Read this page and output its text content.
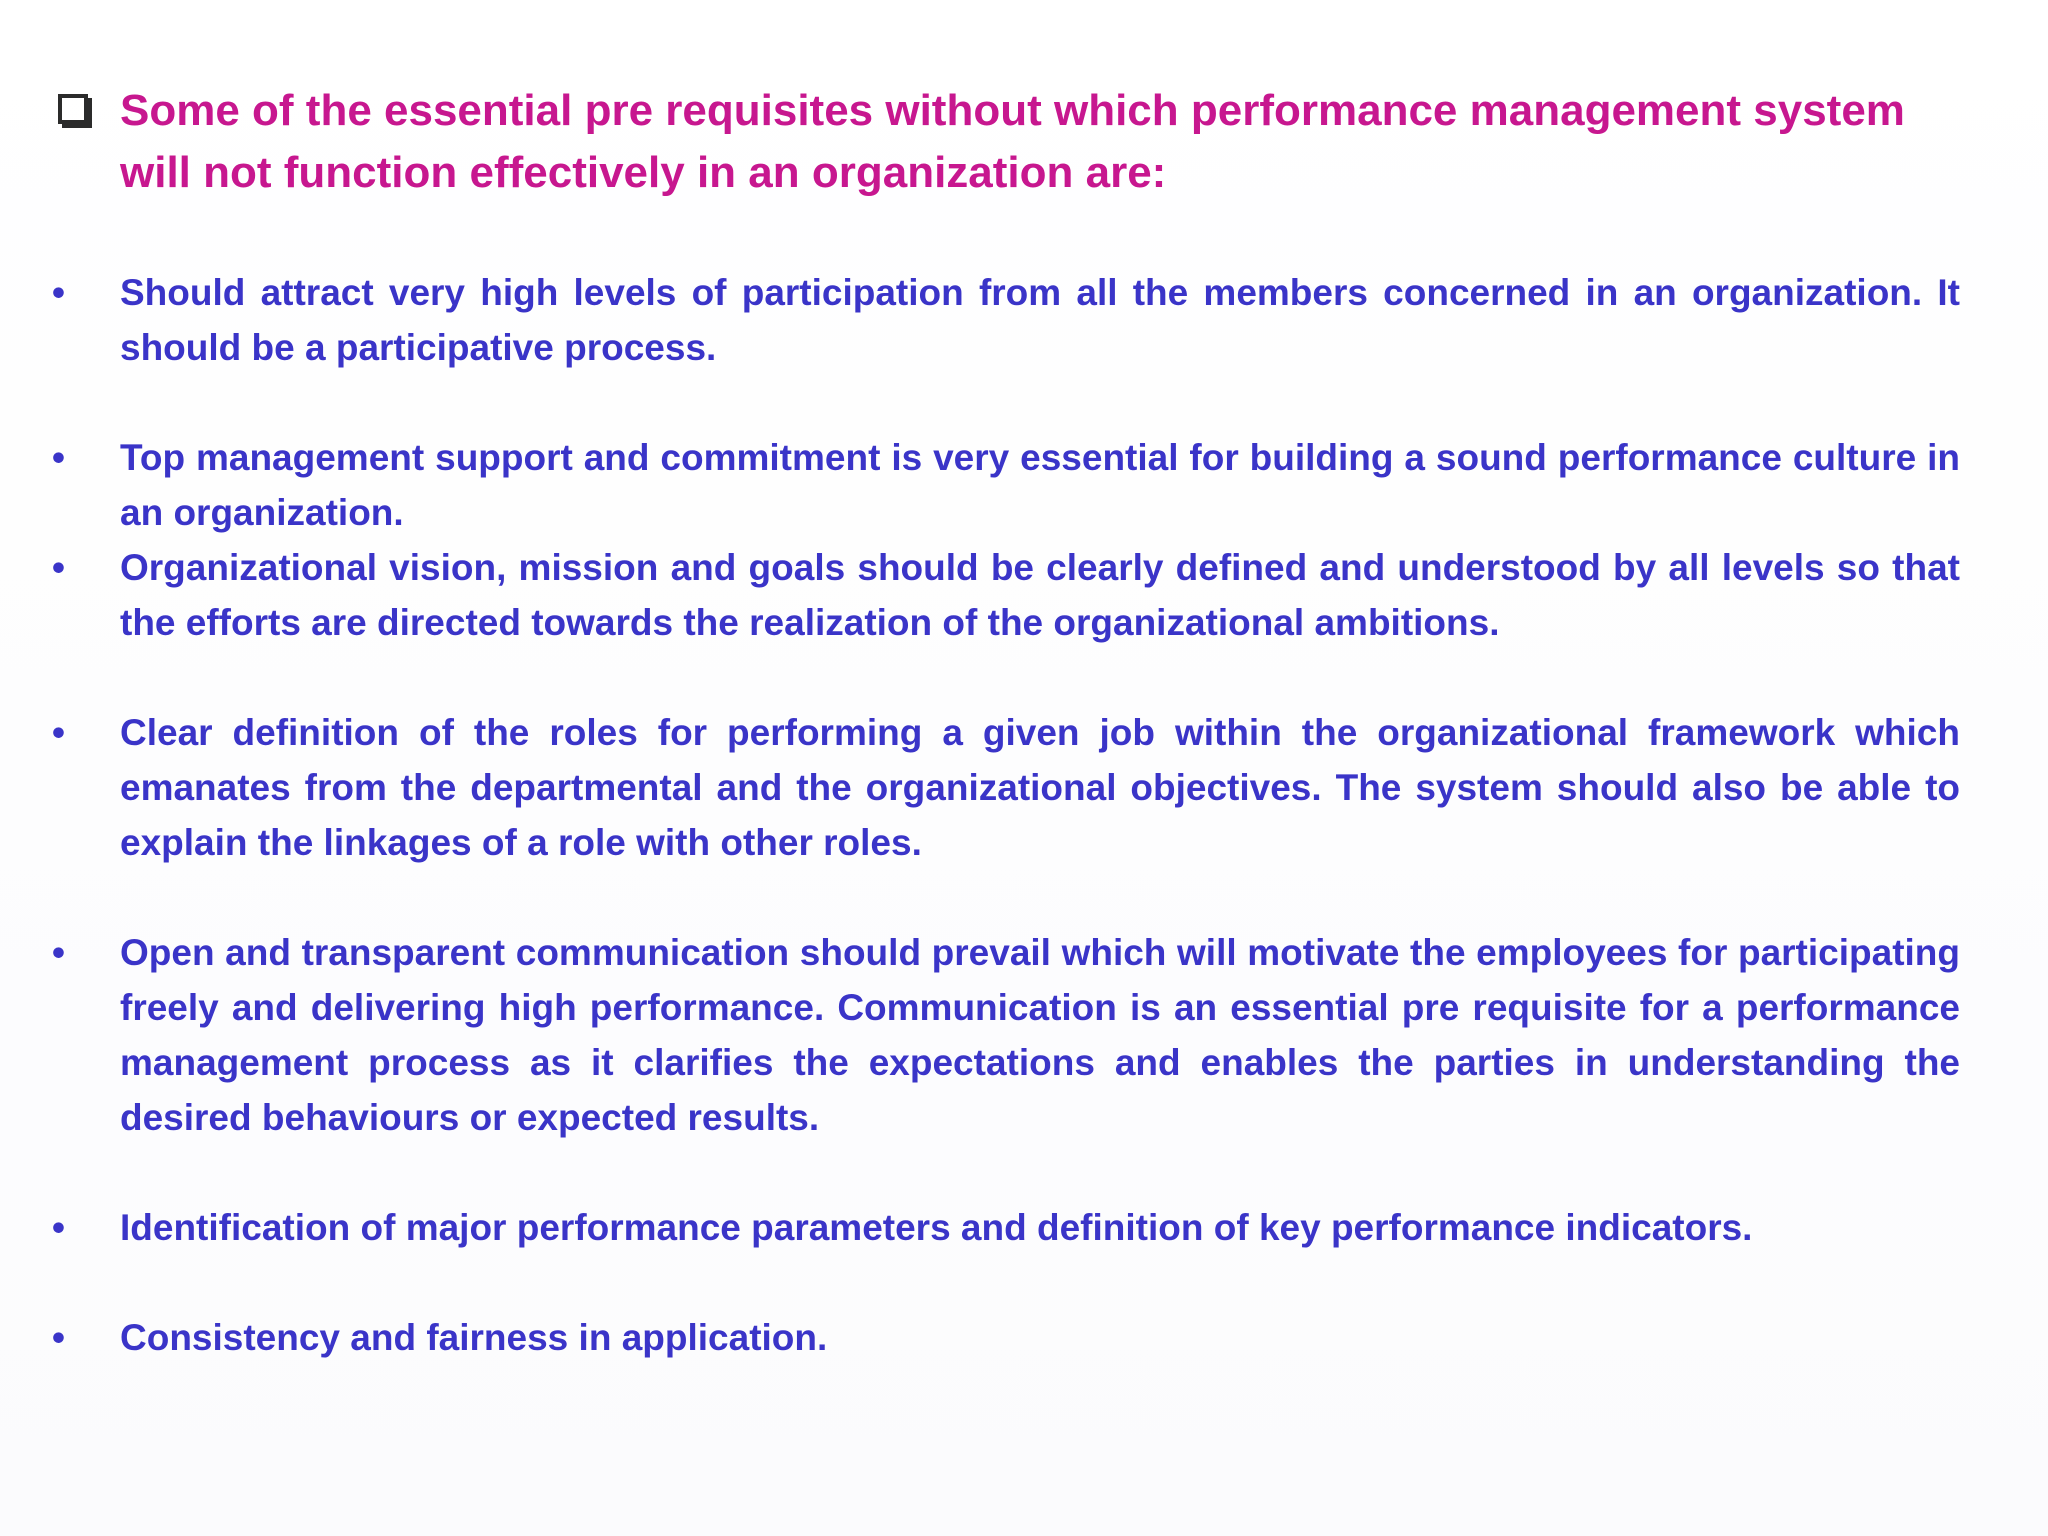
Some of the essential pre requisites without which performance management system will not function effectively in an organization are:

• Should attract very high levels of participation from all the members concerned in an organization. It should be a participative process.
• Top management support and commitment is very essential for building a sound performance culture in an organization.
• Organizational vision, mission and goals should be clearly defined and understood by all levels so that the efforts are directed towards the realization of the organizational ambitions.
• Clear definition of the roles for performing a given job within the organizational framework which emanates from the departmental and the organizational objectives. The system should also be able to explain the linkages of a role with other roles.
• Open and transparent communication should prevail which will motivate the employees for participating freely and delivering high performance. Communication is an essential pre requisite for a performance management process as it clarifies the expectations and enables the parties in understanding the desired behaviours or expected results.
• Identification of major performance parameters and definition of key performance indicators.
• Consistency and fairness in application.
